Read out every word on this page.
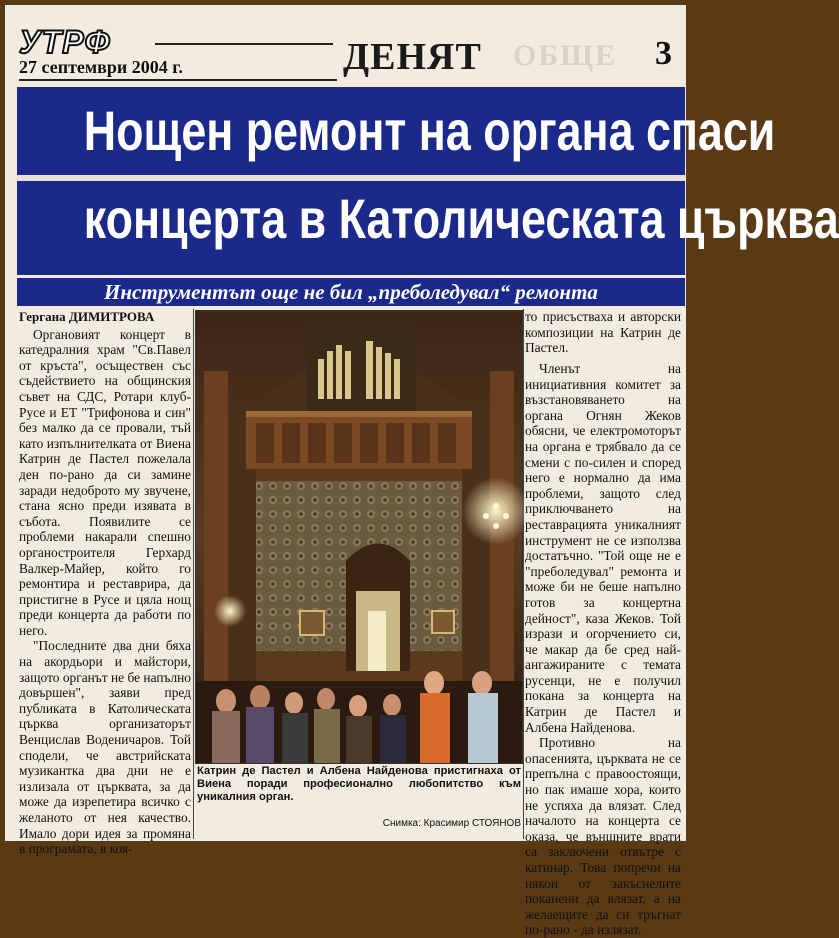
УТРФ
27 септември 2004 г.	ОБЩЕ
ДЕНЯТ	3
Нощен ремонт на органа спаси
концерта в Католическата църква
Инструментът още не бил „преболедувал“ ремонта
Гергана ДИМИТРОВА

Органовият концерт в катедралния храм "Св.Павел от кръста", осъществен със съдействието на общинския съвет на СДС, Ротари клуб-Русе и ЕТ "Трифонова и син" без малко да се провали, тъй като изпълнителката от Виена Катрин де Пастел пожелала ден по-рано да си замине заради недоброто му звучене, стана ясно преди изявата в събота. Появилите се проблеми накарали спешно органостроителя Герхард Валкер-Майер, който го ремонтира и реставрира, да пристигне в Русе и цяла нощ преди концерта да работи по него.

"Последните два дни бяха на акордьори и майстори, защото органът не бе напълно довършен", заяви пред публиката в Католическата църква организаторът Венцислав Воденичаров. Той сподели, че австрийската музикантка два дни не е излизала от църквата, за да може да изрепетира всичко с желаното от нея качество. Имало дори идея за промяна в програмата, в коя-

Катрин де Пастел и Албена Найденова пристигнаха от Виена поради професионално любопитство към уникалния орган.
Снимка: Красимир СТОЯНОВ

то присъстваха и авторски композиции на Катрин де Пастел.

Членът на инициативния комитет за възстановяването на органа Огнян Жеков обясни, че електромоторът на органа е трябвало да се смени с по-силен и според него е нормално да има проблеми, защото след приключването на реставрацията уникалният инструмент не се използва достатъчно. "Той още не е "преболедувал" ремонта и може би не беше напълно готов за концертна дейност", каза Жеков. Той изрази и огорчението си, че макар да бе сред най-ангажираните с темата русенци, не е получил покана за концерта на Катрин де Пастел и Албена Найденова.

Противно на опасенията, църквата не се препълна с правоостоящи, но пак имаше хора, които не успяха да влязат. След началото на концерта се оказа, че външните врати са заключени отвътре с катинар. Това попречи на някои от закъснелите поканени да влязат, а на желаещите да си тръгнат по-рано - да излязат.
